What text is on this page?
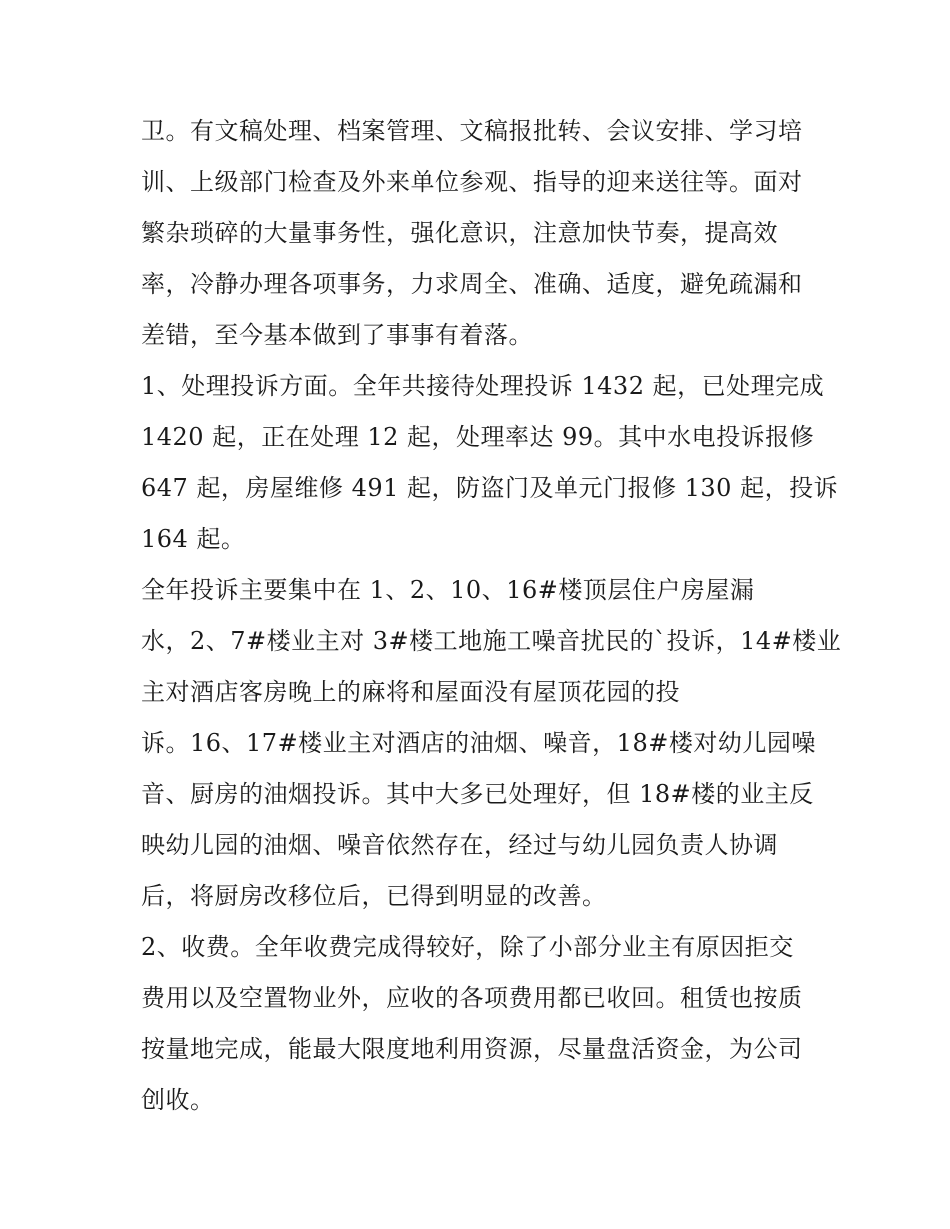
卫。有文稿处理、档案管理、文稿报批转、会议安排、学习培
训、上级部门检查及外来单位参观、指导的迎来送往等。面对
繁杂琐碎的大量事务性，强化意识，注意加快节奏，提高效
率，冷静办理各项事务，力求周全、准确、适度，避免疏漏和
差错，至今基本做到了事事有着落。
1、处理投诉方面。全年共接待处理投诉 1432 起，已处理完成
1420 起，正在处理 12 起，处理率达 99。其中水电投诉报修
647 起，房屋维修 491 起，防盗门及单元门报修 130 起，投诉
164 起。
全年投诉主要集中在 1、2、10、16#楼顶层住户房屋漏
水，2、7#楼业主对 3#楼工地施工噪音扰民的`投诉，14#楼业
主对酒店客房晚上的麻将和屋面没有屋顶花园的投
诉。16、17#楼业主对酒店的油烟、噪音，18#楼对幼儿园噪
音、厨房的油烟投诉。其中大多已处理好，但 18#楼的业主反
映幼儿园的油烟、噪音依然存在，经过与幼儿园负责人协调
后，将厨房改移位后，已得到明显的改善。
2、收费。全年收费完成得较好，除了小部分业主有原因拒交
费用以及空置物业外，应收的各项费用都已收回。租赁也按质
按量地完成，能最大限度地利用资源，尽量盘活资金，为公司
创收。
